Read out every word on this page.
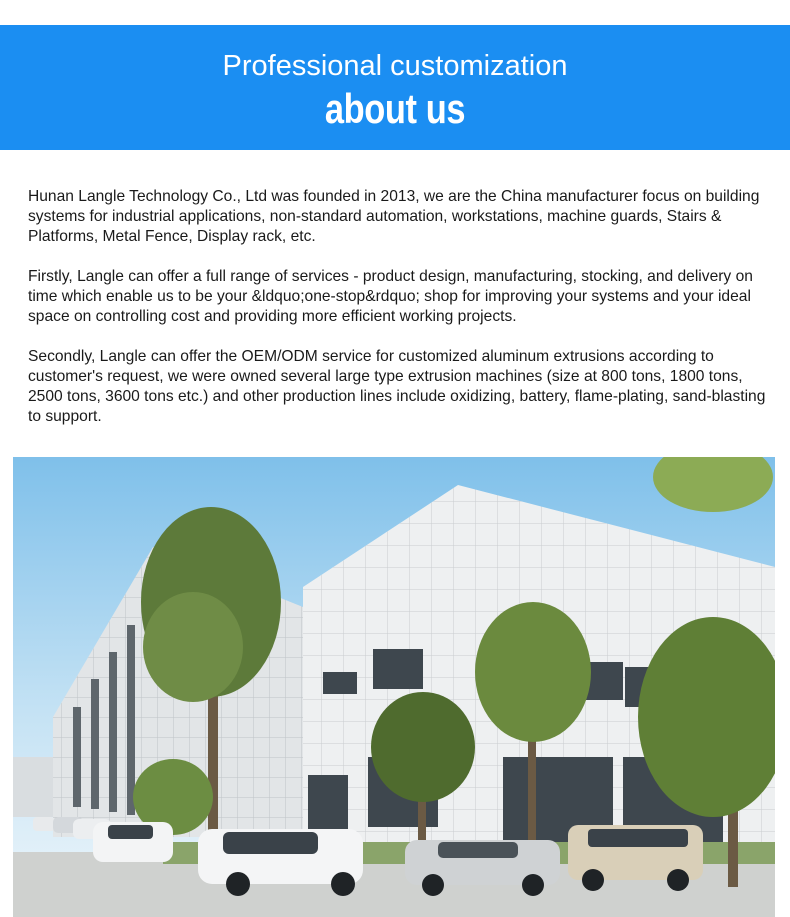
Professional customization
about us

Hunan Langle Technology Co., Ltd was founded in 2013, we are the China manufacturer focus on building systems for industrial applications, non-standard automation, workstations, machine guards, Stairs & Platforms, Metal Fence, Display rack, etc.

Firstly, Langle can offer a full range of services - product design, manufacturing, stocking, and delivery on time which enable us to be your &ldquo;one-stop&rdquo; shop for improving your systems and your ideal space on controlling cost and providing more efficient working projects.

Secondly, Langle can offer the OEM/ODM service for customized aluminum extrusions according to customer's request, we were owned several large type extrusion machines (size at 800 tons, 1800 tons, 2500 tons, 3600 tons etc.) and other production lines include oxidizing, battery, flame-plating, sand-blasting to support.
